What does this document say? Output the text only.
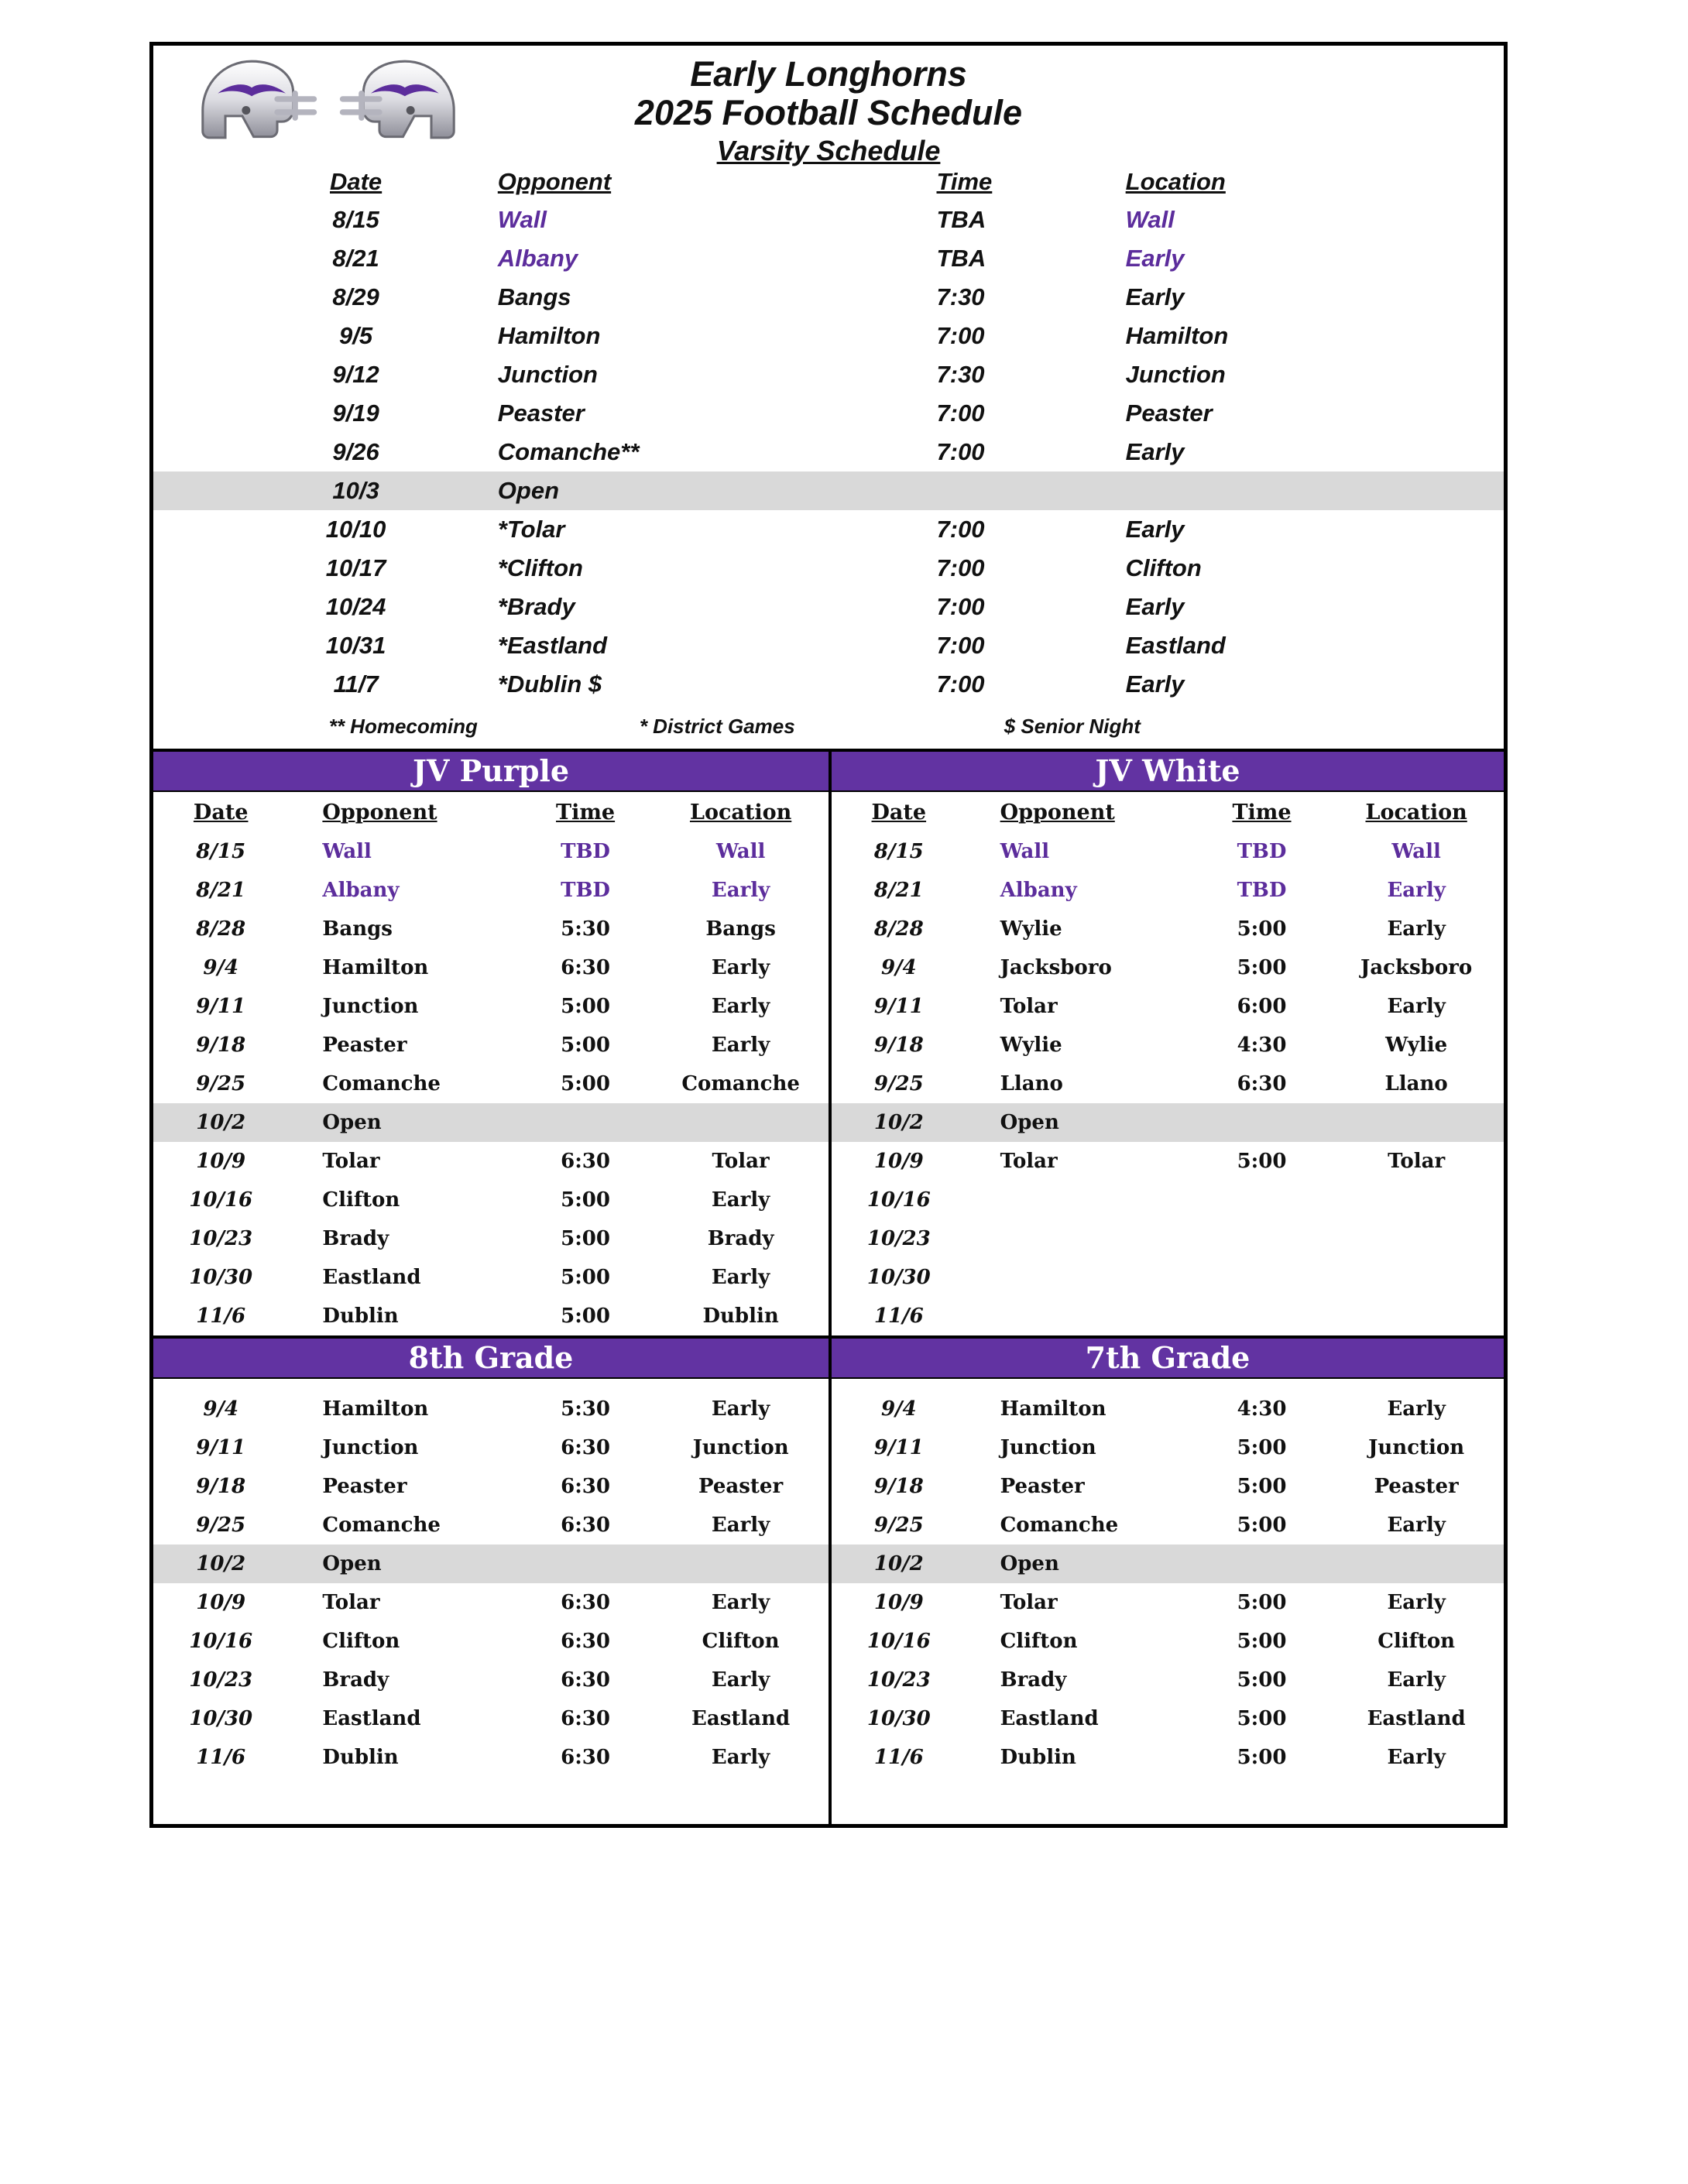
Early Longhorns
2025 Football Schedule
Varsity Schedule
Date	Opponent	Time	Location
8/15	Wall	TBA	Wall
8/21	Albany	TBA	Early
8/29	Bangs	7:30	Early
9/5	Hamilton	7:00	Hamilton
9/12	Junction	7:30	Junction
9/19	Peaster	7:00	Peaster
9/26	Comanche**	7:00	Early
10/3	Open
10/10	*Tolar	7:00	Early
10/17	*Clifton	7:00	Clifton
10/24	*Brady	7:00	Early
10/31	*Eastland	7:00	Eastland
11/7	*Dublin $	7:00	Early
** Homecoming	* District Games	$ Senior Night
JV Purple
Date	Opponent	Time	Location
8/15	Wall	TBD	Wall
8/21	Albany	TBD	Early
8/28	Bangs	5:30	Bangs
9/4	Hamilton	6:30	Early
9/11	Junction	5:00	Early
9/18	Peaster	5:00	Early
9/25	Comanche	5:00	Comanche
10/2	Open
10/9	Tolar	6:30	Tolar
10/16	Clifton	5:00	Early
10/23	Brady	5:00	Brady
10/30	Eastland	5:00	Early
11/6	Dublin	5:00	Dublin
JV White
Date	Opponent	Time	Location
8/15	Wall	TBD	Wall
8/21	Albany	TBD	Early
8/28	Wylie	5:00	Early
9/4	Jacksboro	5:00	Jacksboro
9/11	Tolar	6:00	Early
9/18	Wylie	4:30	Wylie
9/25	Llano	6:30	Llano
10/2	Open
10/9	Tolar	5:00	Tolar
10/16
10/23
10/30
11/6
8th Grade
9/4	Hamilton	5:30	Early
9/11	Junction	6:30	Junction
9/18	Peaster	6:30	Peaster
9/25	Comanche	6:30	Early
10/2	Open
10/9	Tolar	6:30	Early
10/16	Clifton	6:30	Clifton
10/23	Brady	6:30	Early
10/30	Eastland	6:30	Eastland
11/6	Dublin	6:30	Early
7th Grade
9/4	Hamilton	4:30	Early
9/11	Junction	5:00	Junction
9/18	Peaster	5:00	Peaster
9/25	Comanche	5:00	Early
10/2	Open
10/9	Tolar	5:00	Early
10/16	Clifton	5:00	Clifton
10/23	Brady	5:00	Early
10/30	Eastland	5:00	Eastland
11/6	Dublin	5:00	Early
